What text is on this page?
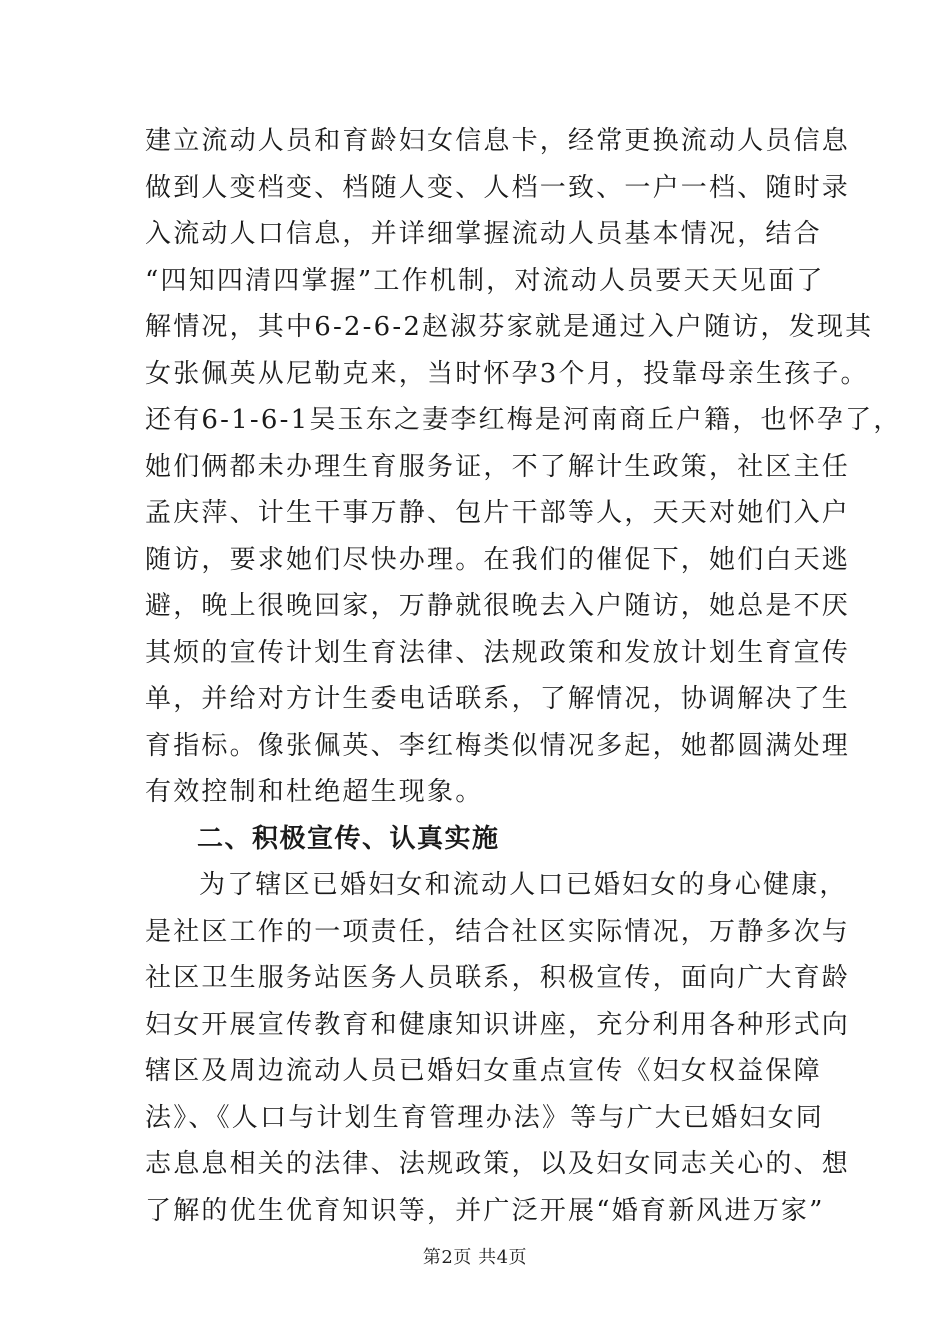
建立流动人员和育龄妇女信息卡，经常更换流动人员信息
做到人变档变、档随人变、人档一致、一户一档、随时录
入流动人口信息，并详细掌握流动人员基本情况，结合
“四知四清四掌握”工作机制，对流动人员要天天见面了
解情况，其中6-2-6-2赵淑芬家就是通过入户随访，发现其
女张佩英从尼勒克来，当时怀孕3个月，投靠母亲生孩子。
还有6-1-6-1吴玉东之妻李红梅是河南商丘户籍，也怀孕了，
她们俩都未办理生育服务证，不了解计生政策，社区主任
孟庆萍、计生干事万静、包片干部等人，天天对她们入户
随访，要求她们尽快办理。在我们的催促下，她们白天逃
避，晚上很晚回家，万静就很晚去入户随访，她总是不厌
其烦的宣传计划生育法律、法规政策和发放计划生育宣传
单，并给对方计生委电话联系，了解情况，协调解决了生
育指标。像张佩英、李红梅类似情况多起，她都圆满处理
有效控制和杜绝超生现象。
二、积极宣传、认真实施
为了辖区已婚妇女和流动人口已婚妇女的身心健康，
是社区工作的一项责任，结合社区实际情况，万静多次与
社区卫生服务站医务人员联系，积极宣传，面向广大育龄
妇女开展宣传教育和健康知识讲座，充分利用各种形式向
辖区及周边流动人员已婚妇女重点宣传《妇女权益保障
法》、《人口与计划生育管理办法》等与广大已婚妇女同
志息息相关的法律、法规政策，以及妇女同志关心的、想
了解的优生优育知识等，并广泛开展“婚育新风进万家”
第2页 共4页
